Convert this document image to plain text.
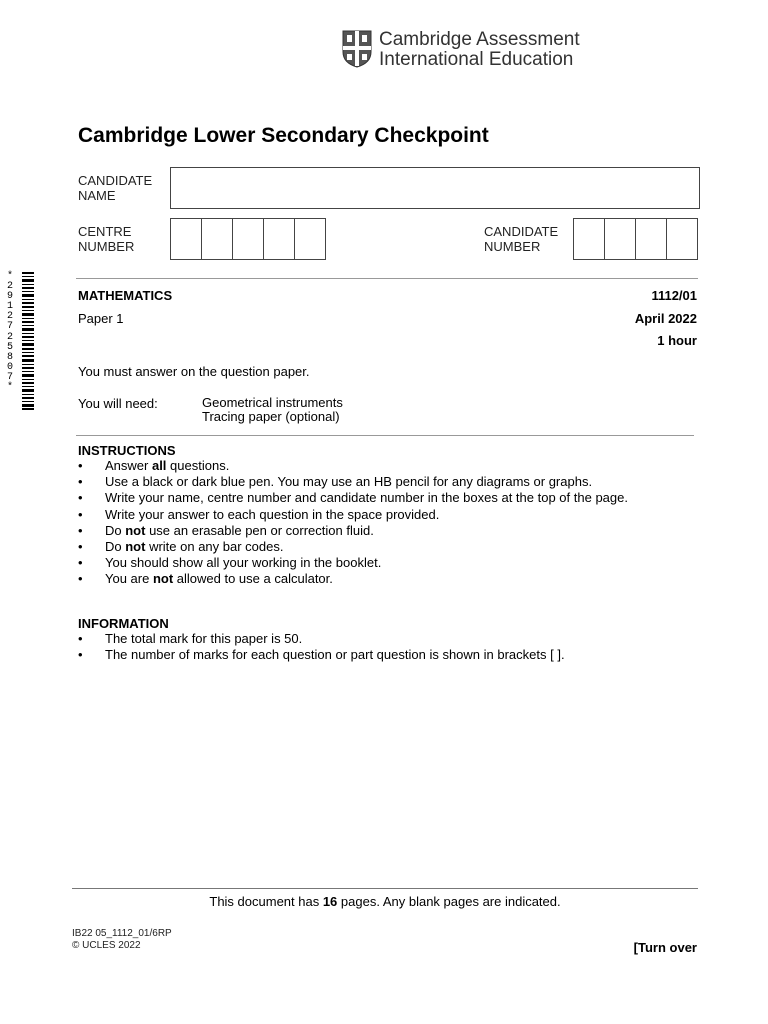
Cambridge Assessment
International Education
Cambridge Lower Secondary Checkpoint
CANDIDATE
NAME
CENTRE
NUMBER
CANDIDATE
NUMBER
*
2
9
1
2
7
2
5
8
0
7
*
MATHEMATICS	1112/01
Paper 1	April 2022
1 hour
You must answer on the question paper.
You will need:	Geometrical instruments
Tracing paper (optional)
INSTRUCTIONS
• Answer all questions.
• Use a black or dark blue pen. You may use an HB pencil for any diagrams or graphs.
• Write your name, centre number and candidate number in the boxes at the top of the page.
• Write your answer to each question in the space provided.
• Do not use an erasable pen or correction fluid.
• Do not write on any bar codes.
• You should show all your working in the booklet.
• You are not allowed to use a calculator.
INFORMATION
• The total mark for this paper is 50.
• The number of marks for each question or part question is shown in brackets [ ].
This document has 16 pages. Any blank pages are indicated.
IB22 05_1112_01/6RP
© UCLES 2022	[Turn over
